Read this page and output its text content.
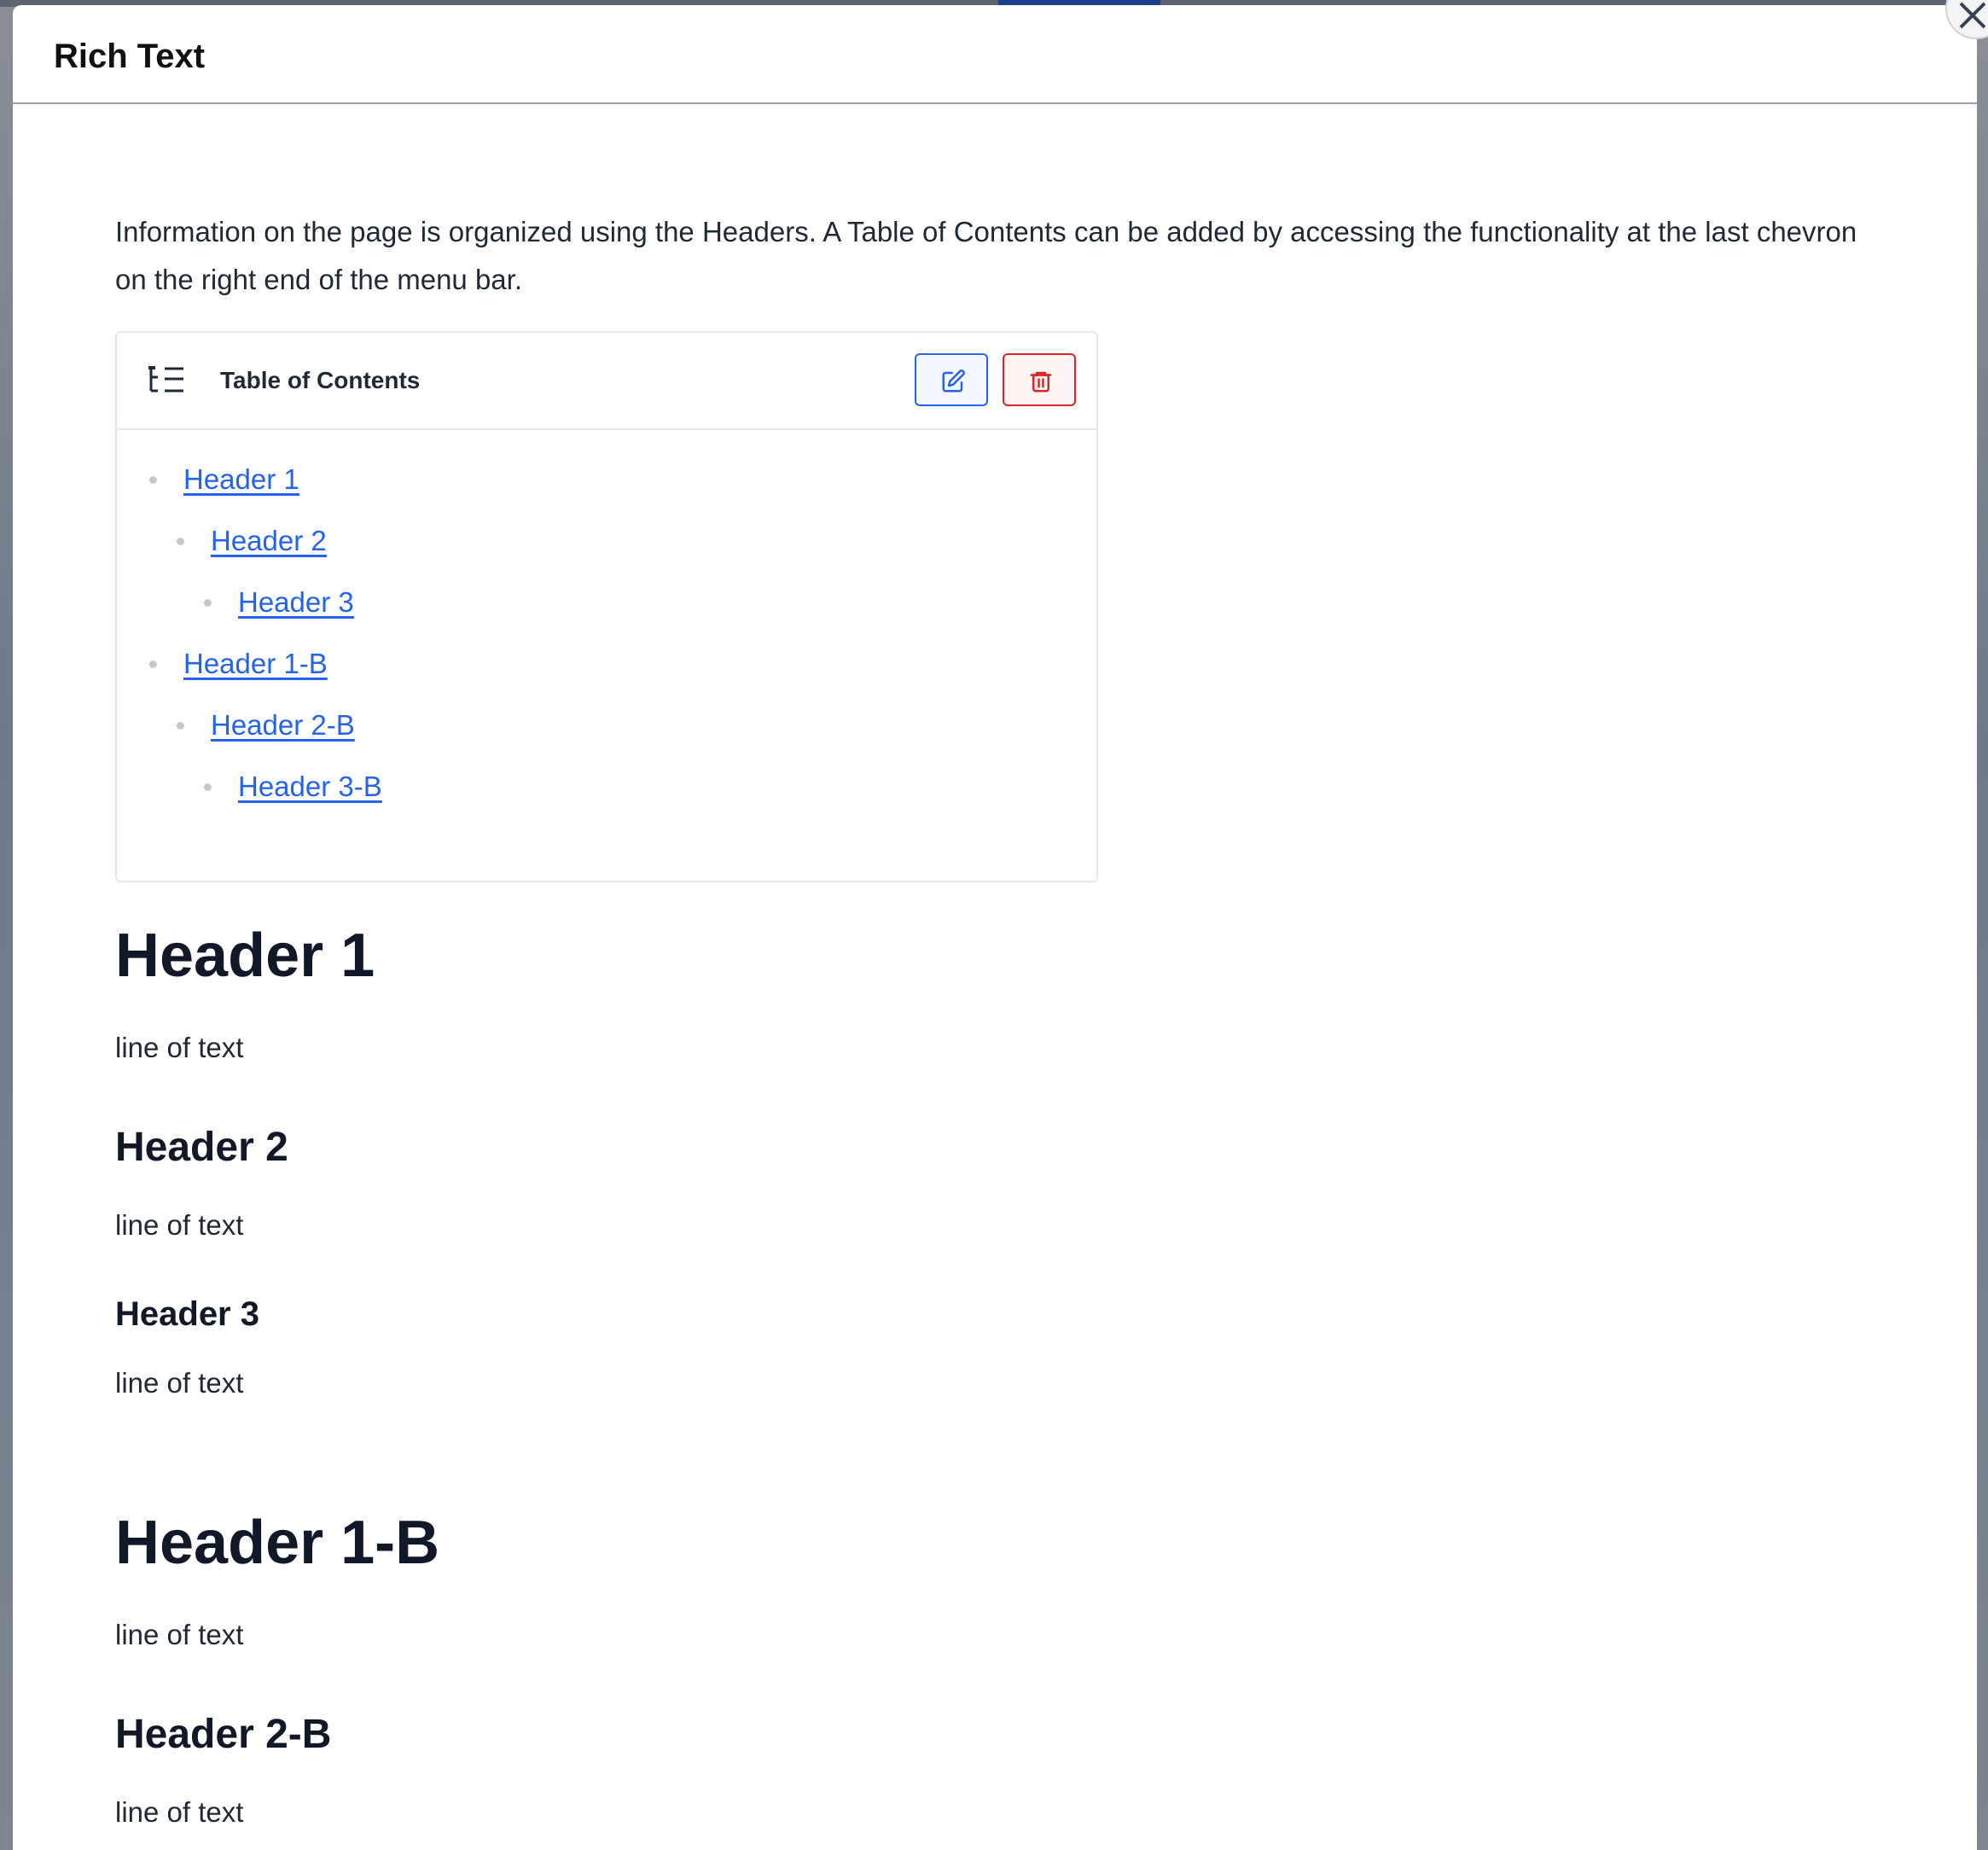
Rich Text
Information on the page is organized using the Headers. A Table of Contents can be added by accessing the functionality at the last chevron on the right end of the menu bar.
Table of Contents
Header 1
Header 2
Header 3
Header 1-B
Header 2-B
Header 3-B
Header 1
line of text
Header 2
line of text
Header 3
line of text
Header 1-B
line of text
Header 2-B
line of text
